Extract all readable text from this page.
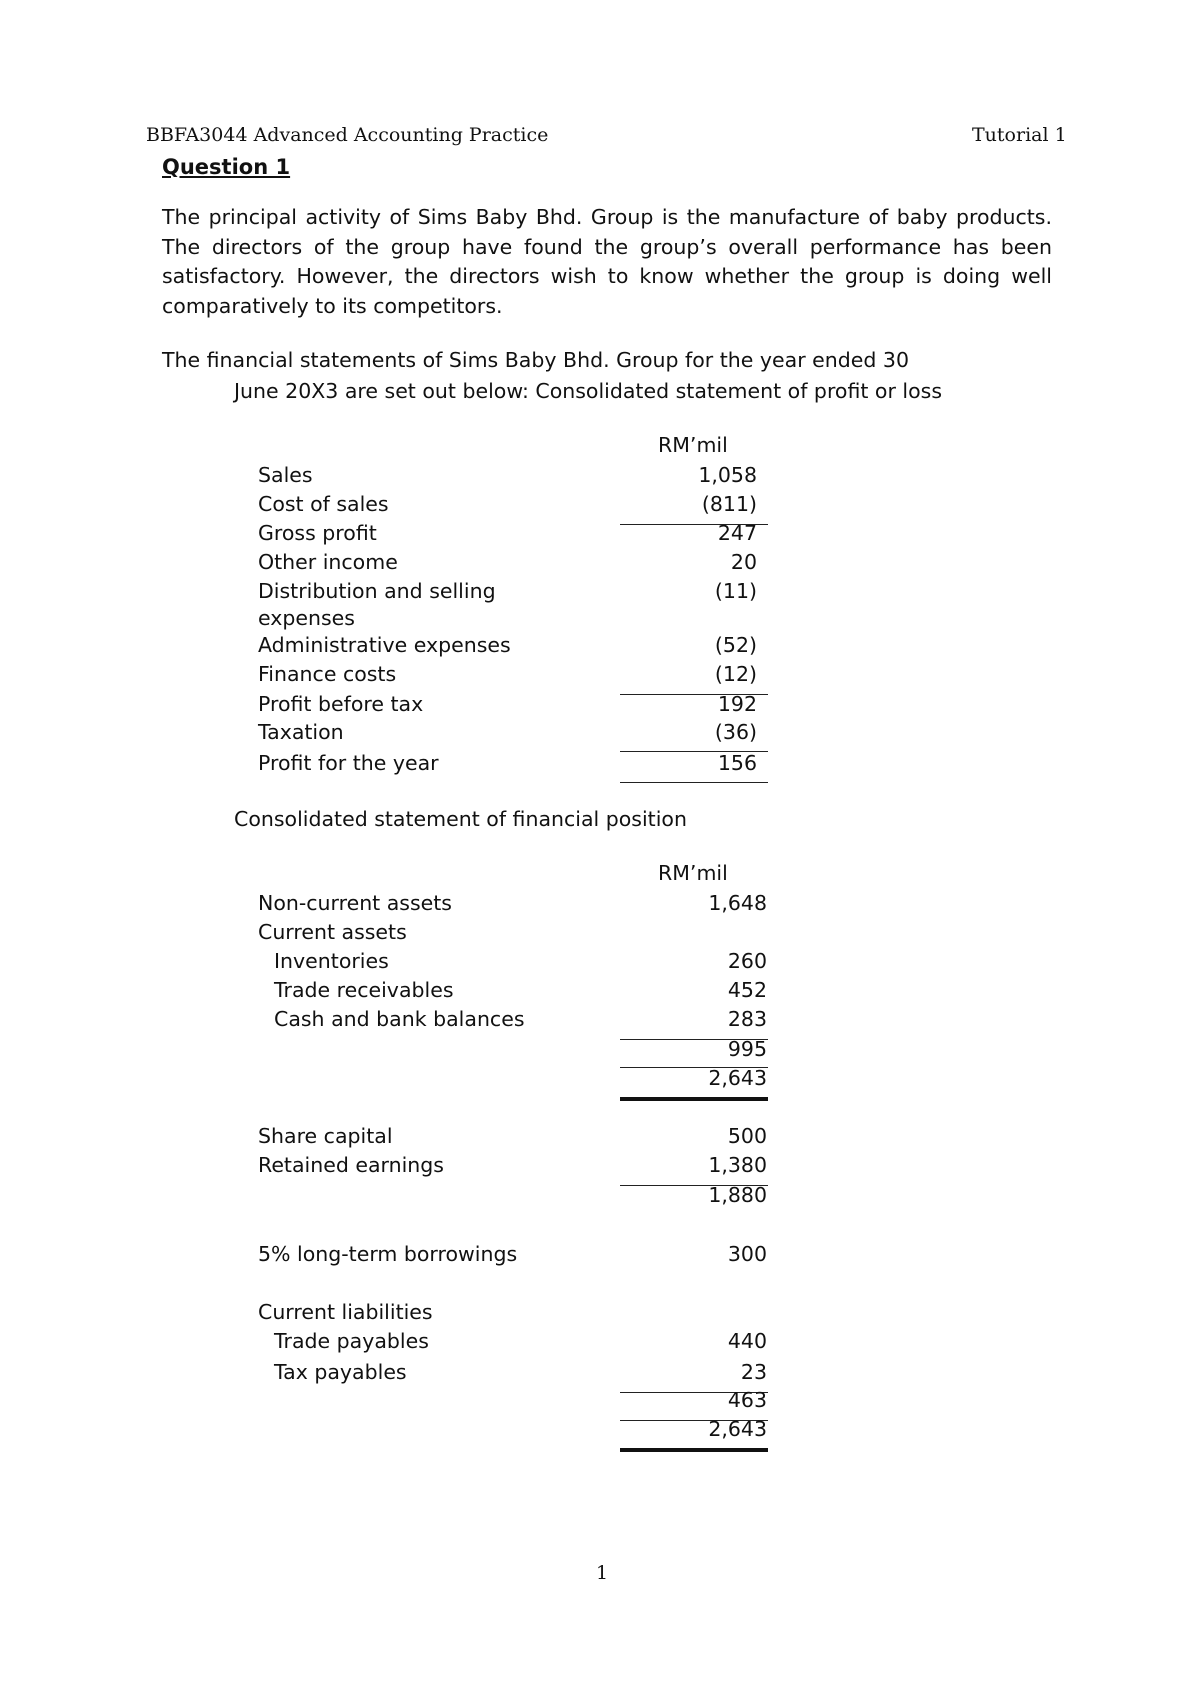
BBFA3044 Advanced Accounting Practice	Tutorial 1
Question 1

The principal activity of Sims Baby Bhd. Group is the manufacture of baby products. The directors of the group have found the group’s overall performance has been satisfactory. However, the directors wish to know whether the group is doing well comparatively to its competitors.

The financial statements of Sims Baby Bhd. Group for the year ended 30
June 20X3 are set out below: Consolidated statement of profit or loss
RM’mil
Sales	1,058
Cost of sales	(811)
Gross profit	247
Other income	20
Distribution and selling	(11)
expenses
Administrative expenses	(52)
Finance costs	(12)
Profit before tax	192
Taxation	(36)
Profit for the year	156
Consolidated statement of financial position
RM’mil
Non-current assets	1,648
Current assets
Inventories	260
Trade receivables	452
Cash and bank balances	283
995
2,643
Share capital	500
Retained earnings	1,380
1,880
5% long-term borrowings	300
Current liabilities
Trade payables	440
Tax payables	23
463
2,643
1
